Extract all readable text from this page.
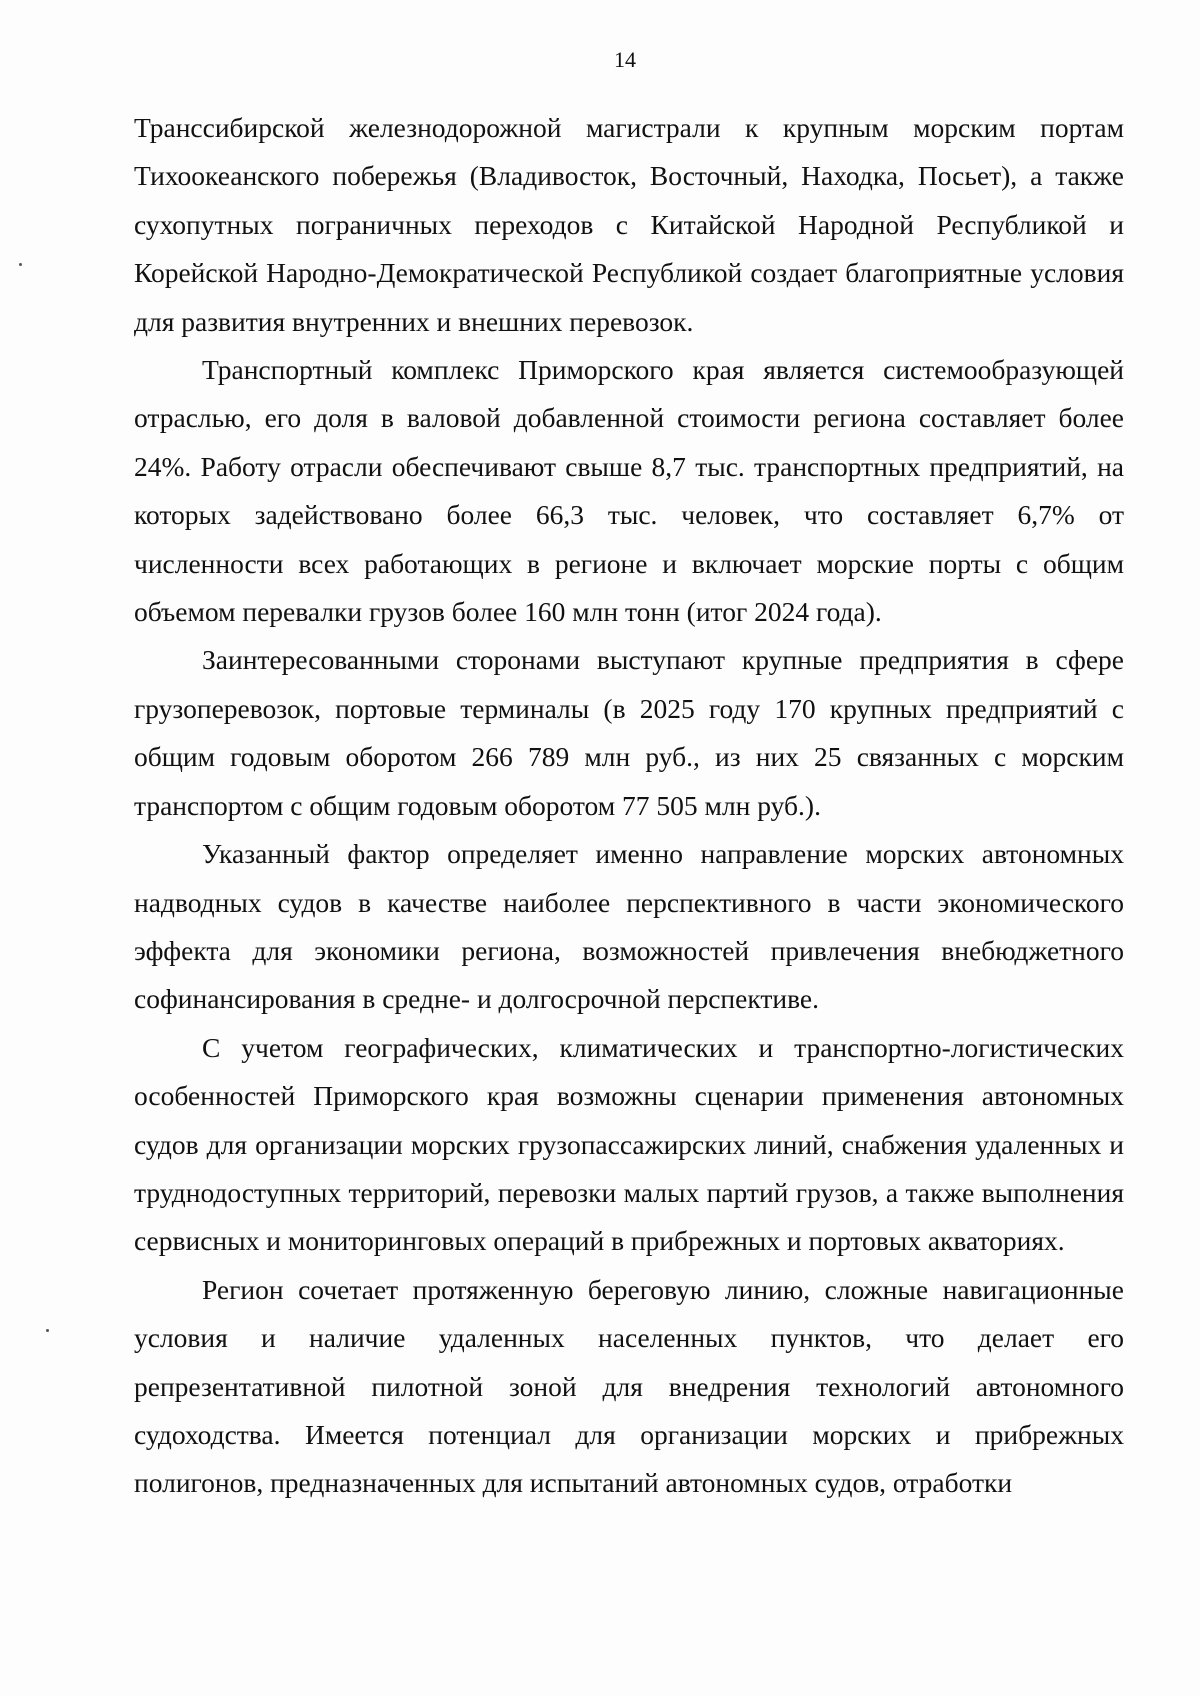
14

Транссибирской железнодорожной магистрали к крупным морским портам Тихоокеанского побережья (Владивосток, Восточный, Находка, Посьет), а также сухопутных пограничных переходов с Китайской Народной Республикой и Корейской Народно-Демократической Республикой создает благоприятные условия для развития внутренних и внешних перевозок.

Транспортный комплекс Приморского края является системообразующей отраслью, его доля в валовой добавленной стоимости региона составляет более 24%. Работу отрасли обеспечивают свыше 8,7 тыс. транспортных предприятий, на которых задействовано более 66,3 тыс. человек, что составляет 6,7% от численности всех работающих в регионе и включает морские порты с общим объемом перевалки грузов более 160 млн тонн (итог 2024 года).

Заинтересованными сторонами выступают крупные предприятия в сфере грузоперевозок, портовые терминалы (в 2025 году 170 крупных предприятий с общим годовым оборотом 266 789 млн руб., из них 25 связанных с морским транспортом с общим годовым оборотом 77 505 млн руб.).

Указанный фактор определяет именно направление морских автономных надводных судов в качестве наиболее перспективного в части экономического эффекта для экономики региона, возможностей привлечения внебюджетного софинансирования в средне- и долгосрочной перспективе.

С учетом географических, климатических и транспортно-логистических особенностей Приморского края возможны сценарии применения автономных судов для организации морских грузопассажирских линий, снабжения удаленных и труднодоступных территорий, перевозки малых партий грузов, а также выполнения сервисных и мониторинговых операций в прибрежных и портовых акваториях.

Регион сочетает протяженную береговую линию, сложные навигационные условия и наличие удаленных населенных пунктов, что делает его репрезентативной пилотной зоной для внедрения технологий автономного судоходства. Имеется потенциал для организации морских и прибрежных полигонов, предназначенных для испытаний автономных судов, отработки
